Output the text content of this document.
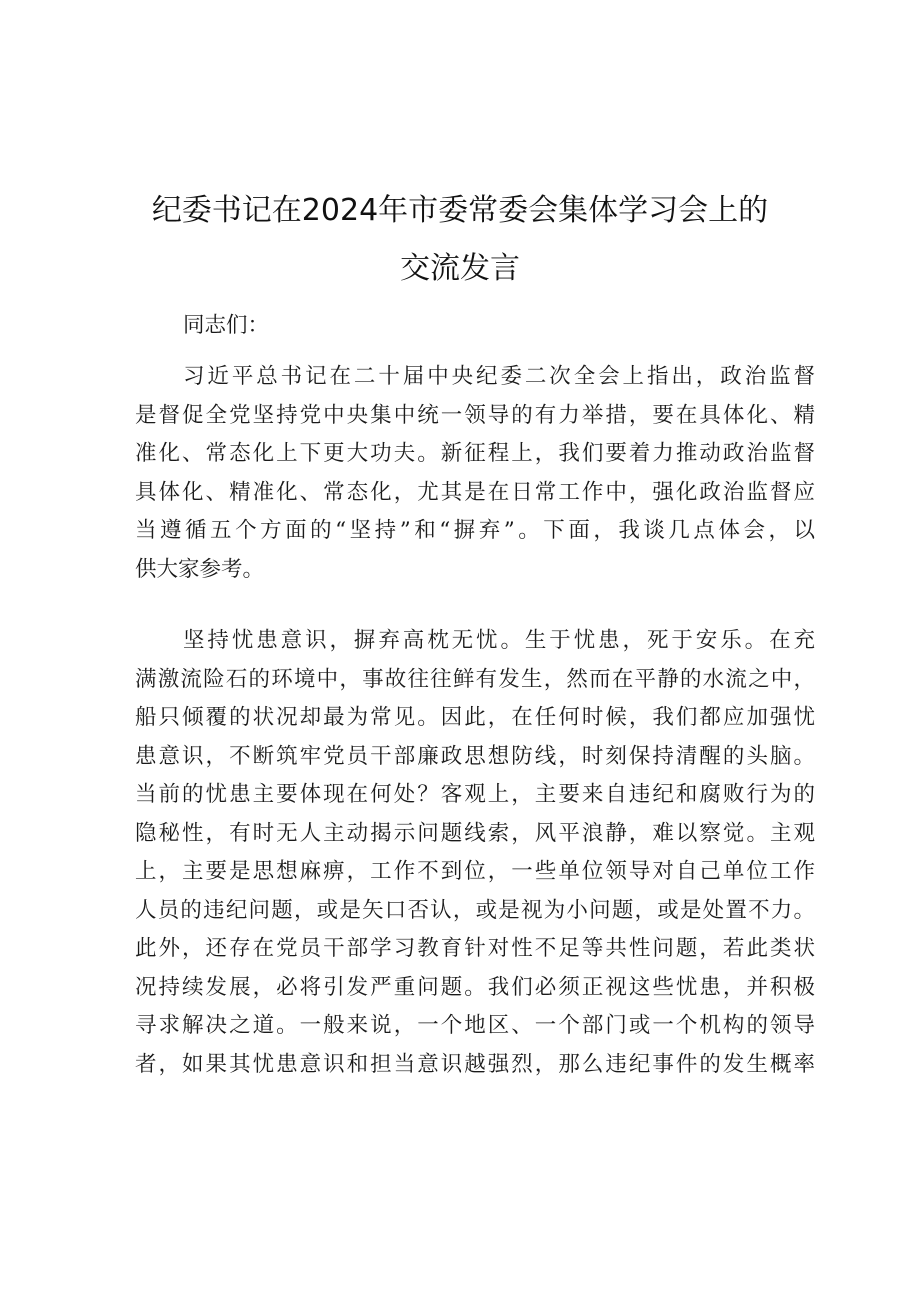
纪委书记在2024年市委常委会集体学习会上的
交流发言
同志们：
习近平总书记在二十届中央纪委二次全会上指出，政治监督
是督促全党坚持党中央集中统一领导的有力举措，要在具体化、精
准化、常态化上下更大功夫。新征程上，我们要着力推动政治监督
具体化、精准化、常态化，尤其是在日常工作中，强化政治监督应
当遵循五个方面的“坚持”和“摒弃”。下面，我谈几点体会，以
供大家参考。
坚持忧患意识，摒弃高枕无忧。生于忧患，死于安乐。在充
满激流险石的环境中，事故往往鲜有发生，然而在平静的水流之中，
船只倾覆的状况却最为常见。因此，在任何时候，我们都应加强忧
患意识，不断筑牢党员干部廉政思想防线，时刻保持清醒的头脑。
当前的忧患主要体现在何处？客观上，主要来自违纪和腐败行为的
隐秘性，有时无人主动揭示问题线索，风平浪静，难以察觉。主观
上，主要是思想麻痹，工作不到位，一些单位领导对自己单位工作
人员的违纪问题，或是矢口否认，或是视为小问题，或是处置不力。
此外，还存在党员干部学习教育针对性不足等共性问题，若此类状
况持续发展，必将引发严重问题。我们必须正视这些忧患，并积极
寻求解决之道。一般来说，一个地区、一个部门或一个机构的领导
者，如果其忧患意识和担当意识越强烈，那么违纪事件的发生概率
